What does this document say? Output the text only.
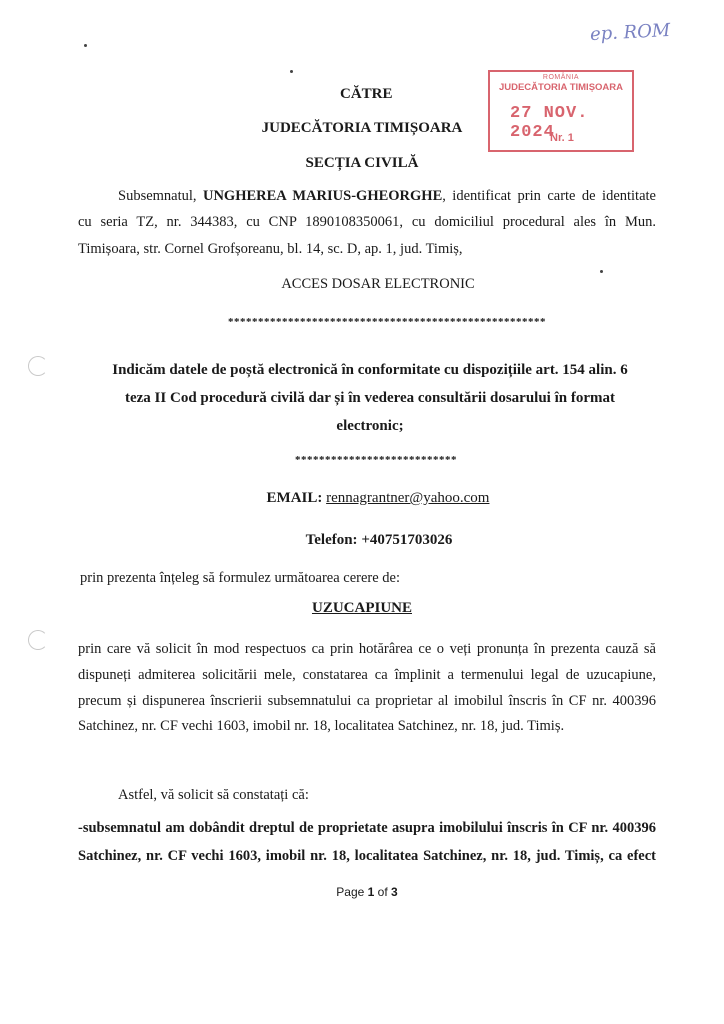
ep. ROM
ROMÂNIA
JUDECĂTORIA TIMIȘOARA
27 NOV. 2024
Nr. 1
CĂTRE
JUDECĂTORIA TIMIȘOARA
SECȚIA CIVILĂ
Subsemnatul, UNGHEREA MARIUS-GHEORGHE, identificat prin carte de identitate
cu seria TZ, nr. 344383, cu CNP 1890108350061, cu domiciliul procedural ales în Mun.
Timișoara, str. Cornel Grofșoreanu, bl. 14, sc. D, ap. 1, jud. Timiș,
ACCES DOSAR ELECTRONIC
*****************************************************
Indicăm datele de poștă electronică în conformitate cu dispozițiile art. 154 alin. 6
teza II Cod procedură civilă dar și în vederea consultării dosarului în format
electronic;
***************************
EMAIL: rennagrantner@yahoo.com
Telefon: +40751703026
prin prezenta înțeleg să formulez următoarea cerere de:
UZUCAPIUNE
prin care vă solicit în mod respectuos ca prin hotărârea ce o veți pronunța în prezenta cauză să
dispuneți admiterea solicitării mele, constatarea ca împlinit a termenului legal de uzucapiune,
precum și dispunerea înscrierii subsemnatului ca proprietar al imobilul înscris în CF nr. 400396
Satchinez, nr. CF vechi 1603, imobil nr. 18, localitatea Satchinez, nr. 18, jud. Timiș.
Astfel, vă solicit să constatați că:
-subsemnatul am dobândit dreptul de proprietate asupra imobilului înscris în CF nr. 400396
Satchinez, nr. CF vechi 1603, imobil nr. 18, localitatea Satchinez, nr. 18, jud. Timiș, ca efect
Page 1 of 3
